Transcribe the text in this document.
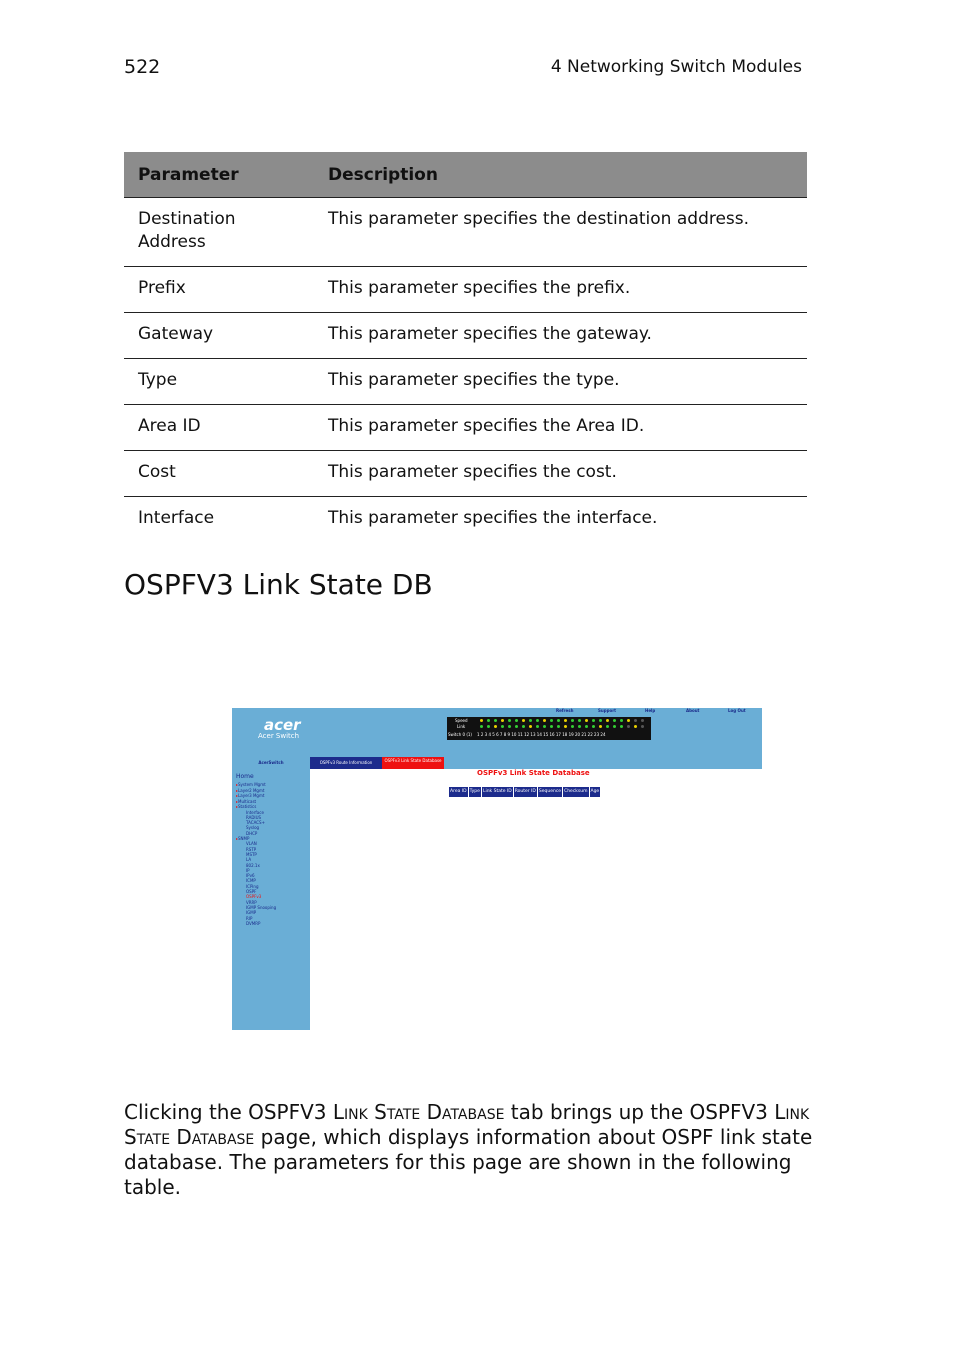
522	4 Networking Switch Modules
Parameter	Description
Destination Address	This parameter specifies the destination address.
Prefix	This parameter specifies the prefix.
Gateway	This parameter specifies the gateway.
Type	This parameter specifies the type.
Area ID	This parameter specifies the Area ID.
Cost	This parameter specifies the cost.
Interface	This parameter specifies the interface.
OSPFV3 Link State DB
acer
Acer Switch
Refresh	Support	Help	About	Log Out
Speed
Link
Switch 0 (1) 1 2 3 4 5 6 7 8 9 10 11 12 13 14 15 16 17 18 19 20 21 22 23 24
AcerSwitch	OSPFv3 Route Information	OSPFv3 Link State Database
Home
▸System Mgmt
▸Layer2 Mgmt
▸Layer3 Mgmt
▸Multicast
▸Statistics
Interface
RADIUS
TACACS+
Syslog
DHCP
▸SNMP
VLAN
RSTP
MSTP
LA
802.1x
IP
IPv6
ICMP
ICPing
OSPF
OSPFv3
VRRP
IGMP Snooping
IGMP
RIP
DVMRP
OSPFv3 Link State Database
Area ID Type Link State ID Router ID Sequence Checksum Age

Clicking the OSPFV3 Link State Database tab brings up the OSPFV3 Link State Database page, which displays information about OSPF link state database. The parameters for this page are shown in the following table.
